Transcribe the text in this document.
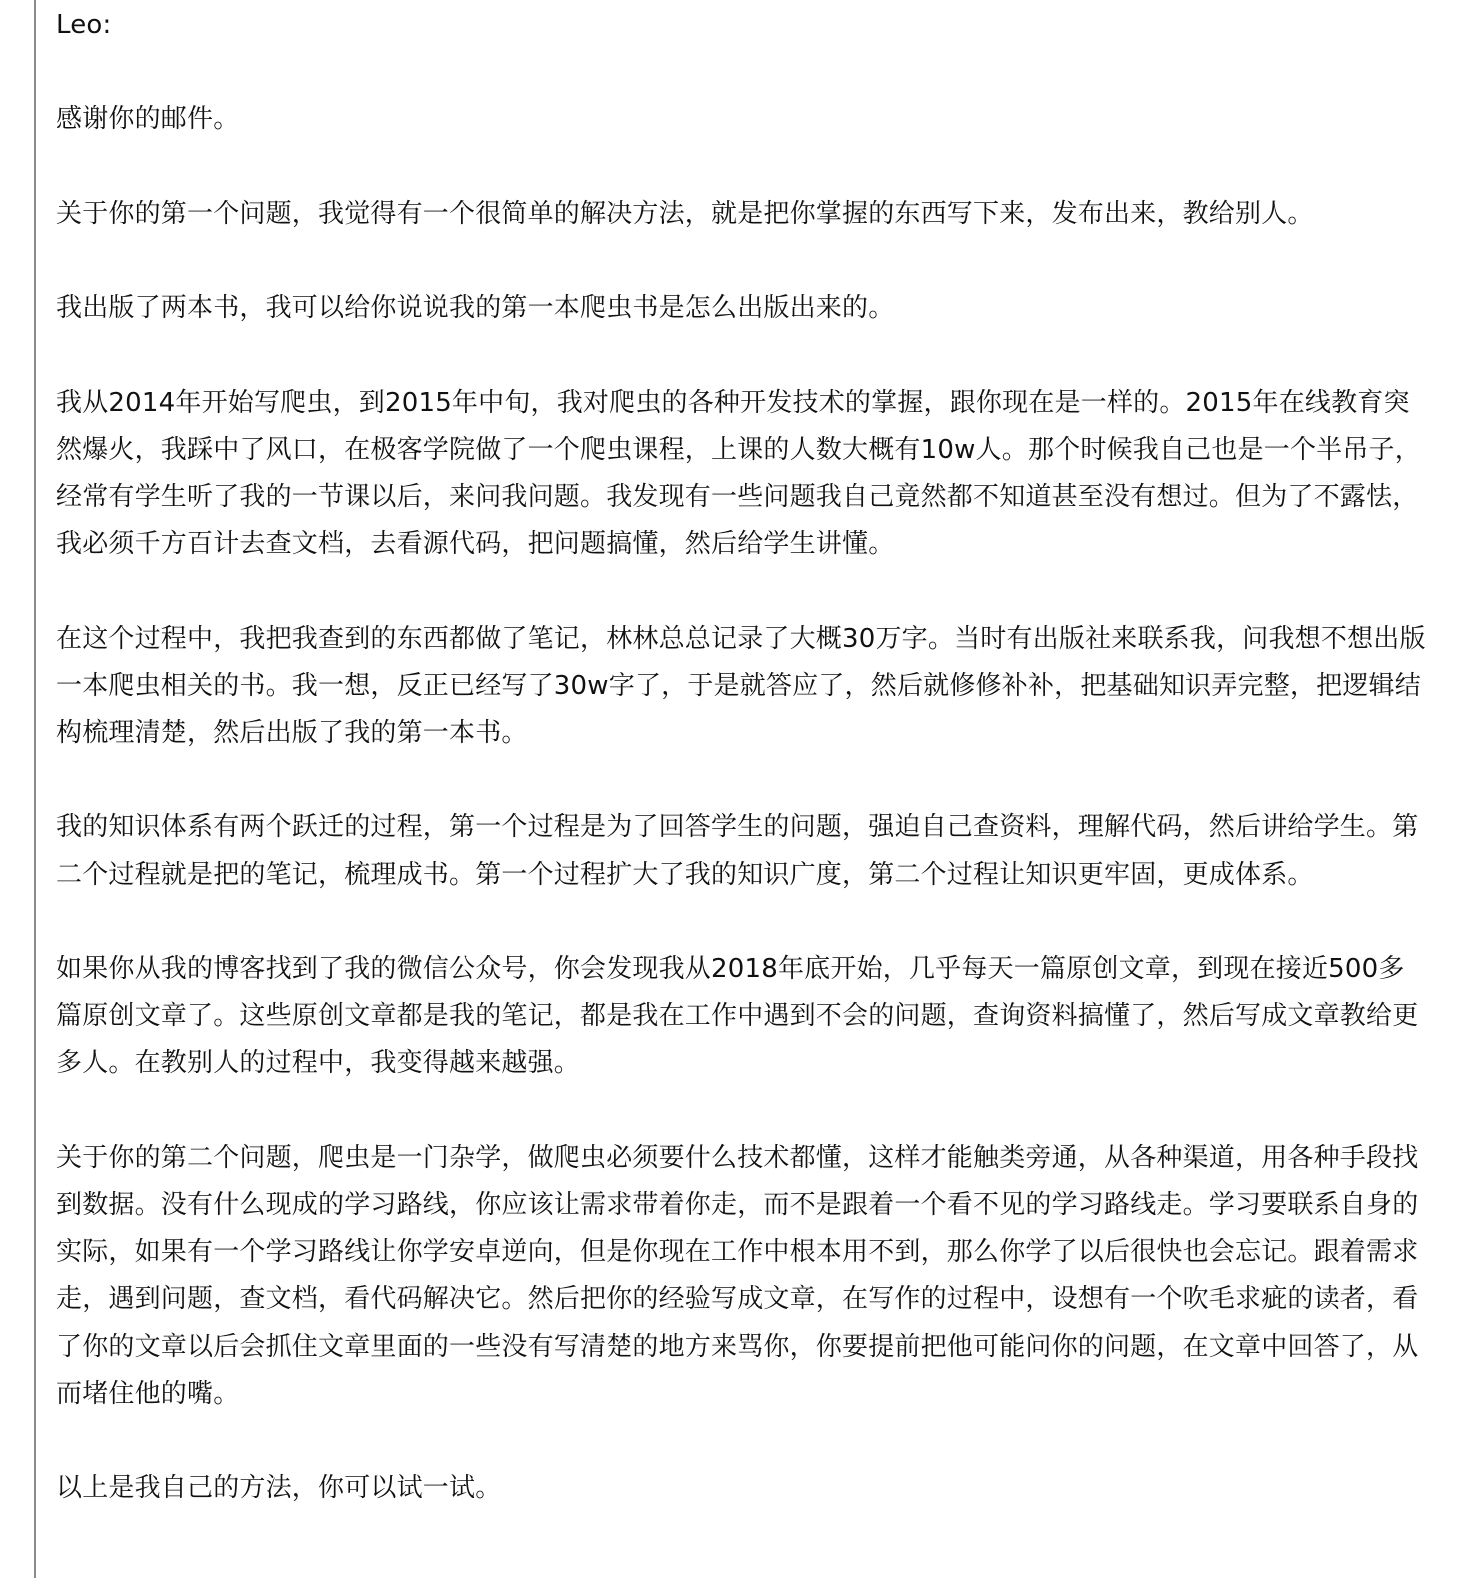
Leo:

感谢你的邮件。

关于你的第一个问题，我觉得有一个很简单的解决方法，就是把你掌握的东西写下来，发布出来，教给别人。

我出版了两本书，我可以给你说说我的第一本爬虫书是怎么出版出来的。

我从2014年开始写爬虫，到2015年中旬，我对爬虫的各种开发技术的掌握，跟你现在是一样的。2015年在线教育突然爆火，我踩中了风口，在极客学院做了一个爬虫课程，上课的人数大概有10w人。那个时候我自己也是一个半吊子，经常有学生听了我的一节课以后，来问我问题。我发现有一些问题我自己竟然都不知道甚至没有想过。但为了不露怯，我必须千方百计去查文档，去看源代码，把问题搞懂，然后给学生讲懂。

在这个过程中，我把我查到的东西都做了笔记，林林总总记录了大概30万字。当时有出版社来联系我，问我想不想出版一本爬虫相关的书。我一想，反正已经写了30w字了，于是就答应了，然后就修修补补，把基础知识弄完整，把逻辑结构梳理清楚，然后出版了我的第一本书。

我的知识体系有两个跃迁的过程，第一个过程是为了回答学生的问题，强迫自己查资料，理解代码，然后讲给学生。第二个过程就是把的笔记，梳理成书。第一个过程扩大了我的知识广度，第二个过程让知识更牢固，更成体系。

如果你从我的博客找到了我的微信公众号，你会发现我从2018年底开始，几乎每天一篇原创文章，到现在接近500多篇原创文章了。这些原创文章都是我的笔记，都是我在工作中遇到不会的问题，查询资料搞懂了，然后写成文章教给更多人。在教别人的过程中，我变得越来越强。

关于你的第二个问题，爬虫是一门杂学，做爬虫必须要什么技术都懂，这样才能触类旁通，从各种渠道，用各种手段找到数据。没有什么现成的学习路线，你应该让需求带着你走，而不是跟着一个看不见的学习路线走。学习要联系自身的实际，如果有一个学习路线让你学安卓逆向，但是你现在工作中根本用不到，那么你学了以后很快也会忘记。跟着需求走，遇到问题，查文档，看代码解决它。然后把你的经验写成文章，在写作的过程中，设想有一个吹毛求疵的读者，看了你的文章以后会抓住文章里面的一些没有写清楚的地方来骂你，你要提前把他可能问你的问题，在文章中回答了，从而堵住他的嘴。

以上是我自己的方法，你可以试一试。
